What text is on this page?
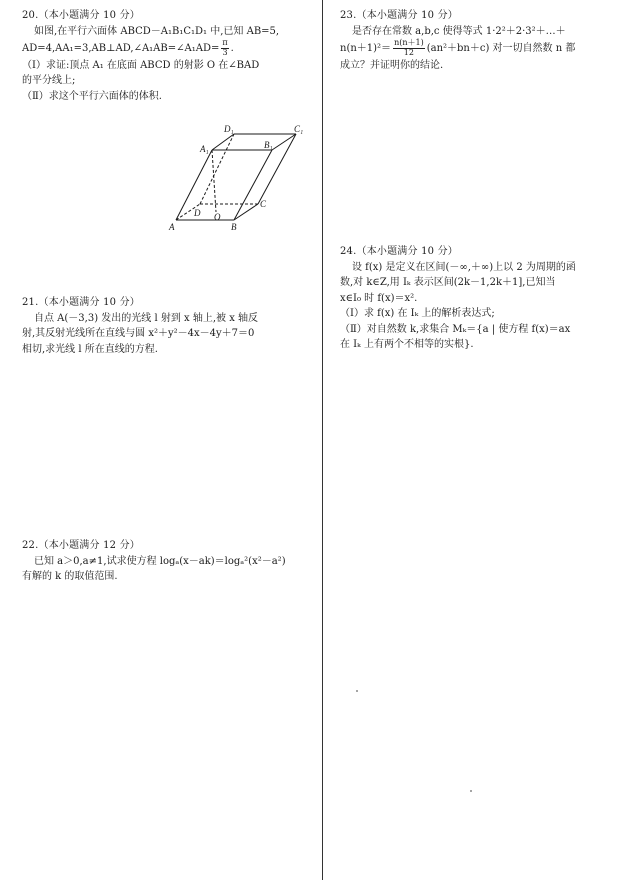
20.（本小题满分 10 分）
如图,在平行六面体 ABCD－A₁B₁C₁D₁ 中,已知 AB=5,
AD=4,AA₁=3,AB⊥AD,∠A₁AB=∠A₁AD= $\frac{\pi}{3}$ .
（Ⅰ）求证:顶点 A₁ 在底面 ABCD 的射影 O 在∠BAD
的平分线上;
（Ⅱ）求这个平行六面体的体积.
A	B
C
D O
A₁	B₁
C₁
D₁
21.（本小题满分 10 分）
自点 A(－3,3) 发出的光线 l 射到 x 轴上,被 x 轴反
射,其反射光线所在直线与圆 x²＋y²－4x－4y＋7＝0
相切,求光线 l 所在直线的方程.
22.（本小题满分 12 分）
已知 a＞0,a≠1,试求使方程 logₐ(x－ak)＝logₐ²(x²－a²)
有解的 k 的取值范围.
23.（本小题满分 10 分）
是否存在常数 a,b,c 使得等式 1·2²＋2·3²＋…＋
$n(n+1)^2= \frac{n(n+1)}{12} (an^2+bn+c)$ 对一切自然数 n 都
成立？并证明你的结论.
24.（本小题满分 10 分）
设 f(x) 是定义在区间(－∞,＋∞)上以 2 为周期的函
数,对 k∈Z,用 Iₖ 表示区间(2k－1,2k＋1],已知当
x∈I₀ 时 f(x)＝x².
（Ⅰ）求 f(x) 在 Iₖ 上的解析表达式;
（Ⅱ）对自然数 k,求集合 Mₖ＝{a | 使方程 f(x)＝ax
在 Iₖ 上有两个不相等的实根}.
